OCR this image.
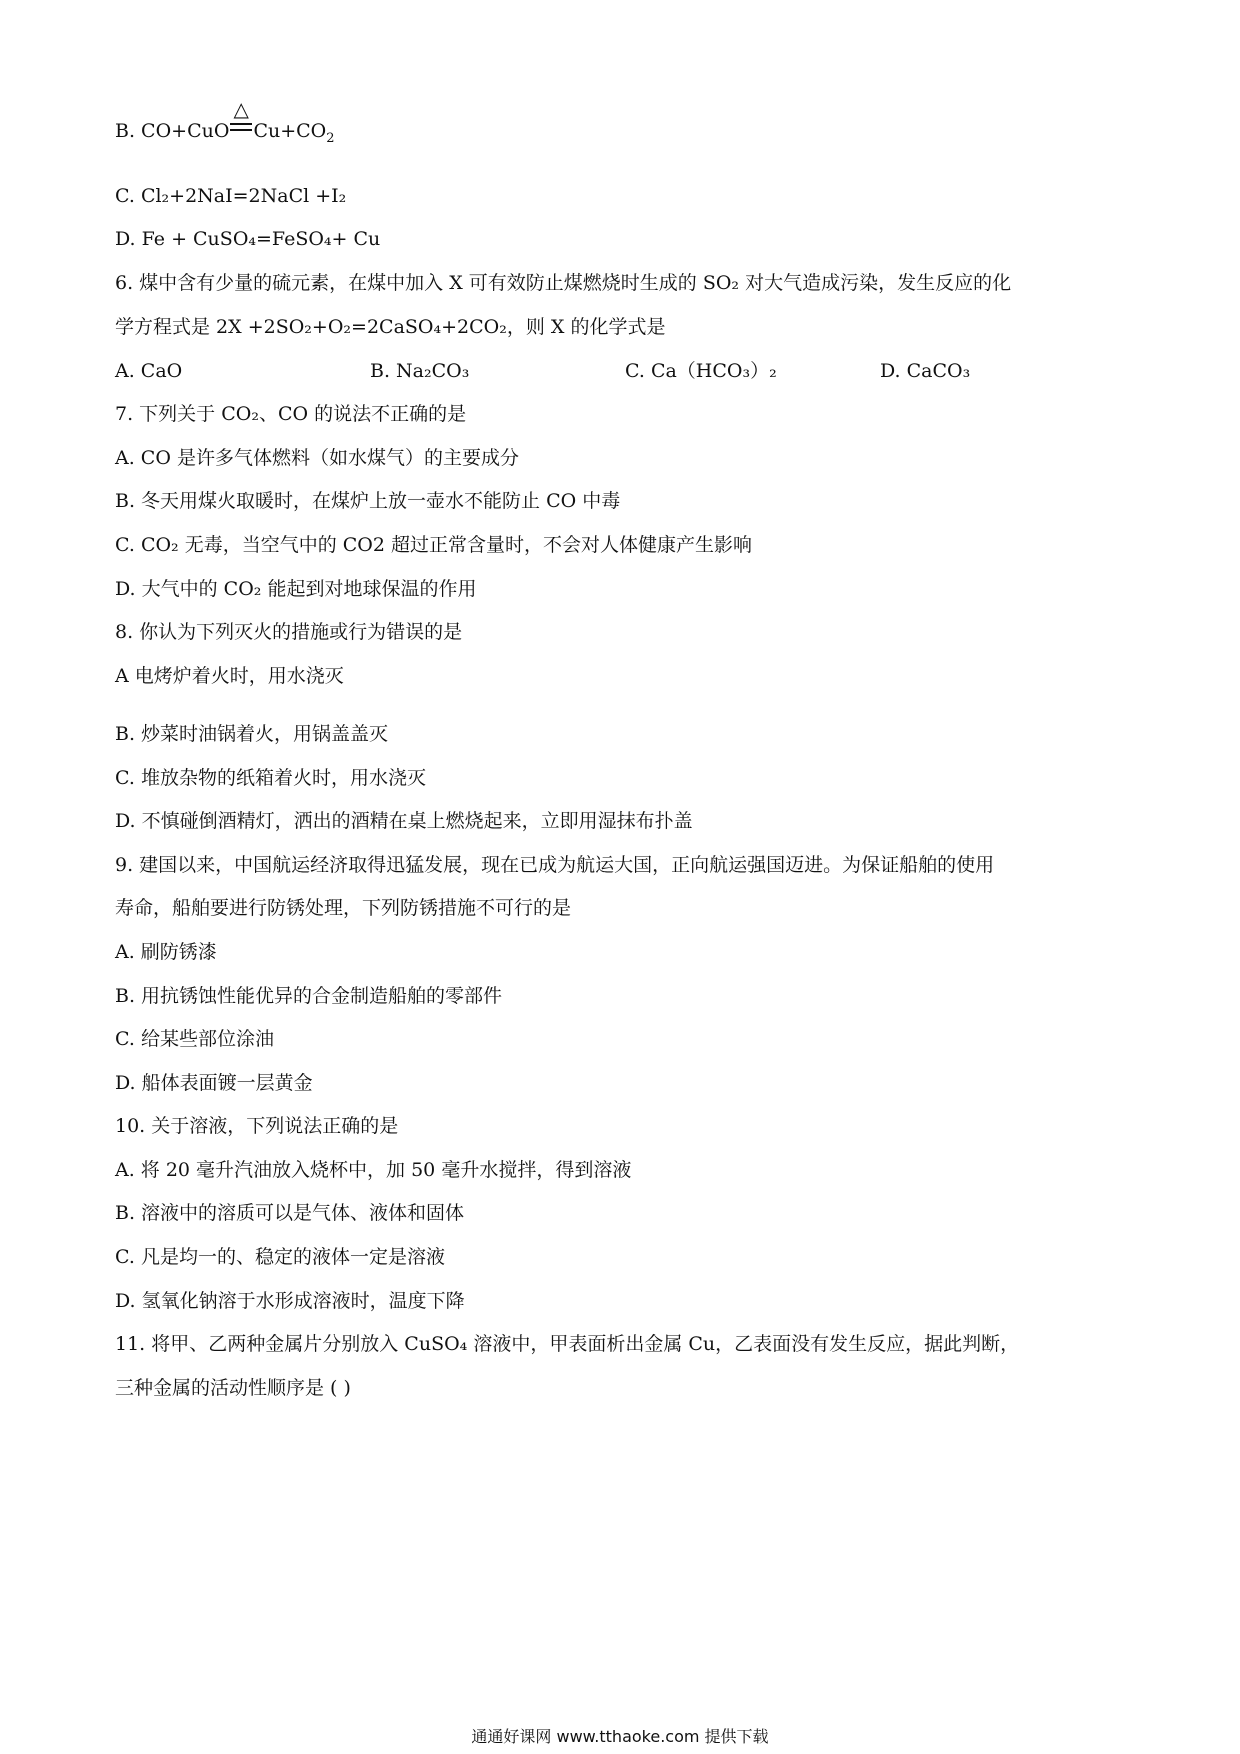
B. CO+CuO
△
$Cu+CO_2$
C. Cl₂+2NaI=2NaCl +I₂
D. Fe + CuSO₄=FeSO₄+ Cu
6. 煤中含有少量的硫元素，在煤中加入 X 可有效防止煤燃烧时生成的 SO₂ 对大气造成污染，发生反应的化
学方程式是 2X +2SO₂+O₂=2CaSO₄+2CO₂，则 X 的化学式是
A. CaO	B. Na₂CO₃	C. Ca（HCO₃）₂	D. CaCO₃
7. 下列关于 CO₂、CO 的说法不正确的是
A. CO 是许多气体燃料（如水煤气）的主要成分
B. 冬天用煤火取暖时，在煤炉上放一壶水不能防止 CO 中毒
C. CO₂ 无毒，当空气中的 CO2 超过正常含量时，不会对人体健康产生影响
D. 大气中的 CO₂ 能起到对地球保温的作用
8. 你认为下列灭火的措施或行为错误的是
A 电烤炉着火时，用水浇灭
B. 炒菜时油锅着火，用锅盖盖灭
C. 堆放杂物的纸箱着火时，用水浇灭
D. 不慎碰倒酒精灯，洒出的酒精在桌上燃烧起来，立即用湿抹布扑盖
9. 建国以来，中国航运经济取得迅猛发展，现在已成为航运大国，正向航运强国迈进。为保证船舶的使用
寿命，船舶要进行防锈处理，下列防锈措施不可行的是
A. 刷防锈漆
B. 用抗锈蚀性能优异的合金制造船舶的零部件
C. 给某些部位涂油
D. 船体表面镀一层黄金
10. 关于溶液，下列说法正确的是
A. 将 20 毫升汽油放入烧杯中，加 50 毫升水搅拌，得到溶液
B. 溶液中的溶质可以是气体、液体和固体
C. 凡是均一的、稳定的液体一定是溶液
D. 氢氧化钠溶于水形成溶液时，温度下降
11. 将甲、乙两种金属片分别放入 CuSO₄ 溶液中，甲表面析出金属 Cu，乙表面没有发生反应，据此判断，
三种金属的活动性顺序是 ( )
通通好课网 www.tthaoke.com 提供下载
